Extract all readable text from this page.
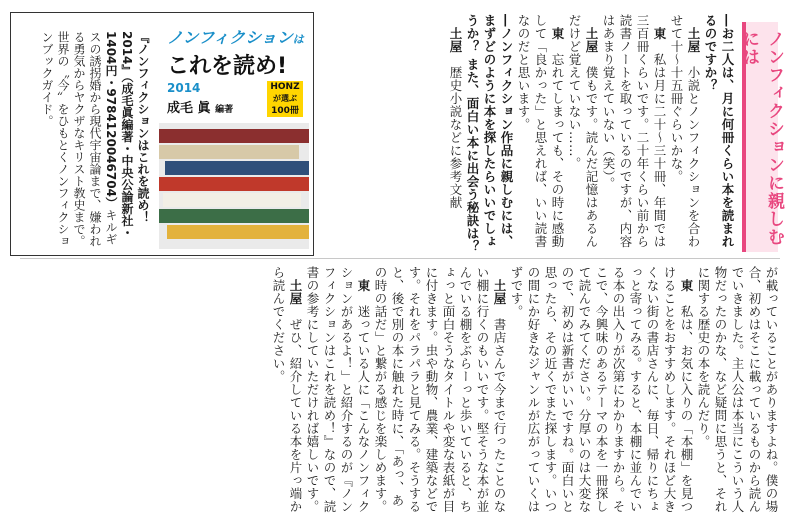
ノンフィクションに親しむには

―お二人は、月に何冊くらい本を読まれるのですか？

　土屋　小説とノンフィクションを合わせて十〜十五冊ぐらいかな。

　東　私は月に二十〜三十冊、年間では三百冊くらいです。二十年くらい前から読書ノートを取っているのですが、内容はあまり覚えていない（笑）。

　土屋　僕もです。読んだ記憶はあるんだけど覚えていない……。

　東　忘れてしまっても、その時に感動して「良かった」と思えれば、いい読書なのだと思います。

―ノンフィクション作品に親しむには、まずどのように本を探したらいいでしょうか？ また、面白い本に出会う秘訣は？

　土屋　歴史小説などに参考文献

『ノンフィクションはこれを読め！2014』（成毛眞編著・中央公論新社・1404円・9784120046704）キルギスの誘拐婚から現代宇宙論まで、嫌われる勇気からヤクザなキリスト教史まで。世界の〝今〟をひもとくノンフィクションブックガイド。	ノンフィクションは
これを読め!
2014
成毛 眞 編著
HONZ
が選ぶ
100冊

が載っていることがありますよね。僕の場合、初めはそこに載っているものから読んでいきました。主人公は本当にこういう人物だったのかな、など疑問に思うと、それに関する歴史の本を読んだり。

　東　私は、お気に入りの「本棚」を見つけることをおすすめします。それほど大きくない街の書店さんに、毎日、帰りにちょっと寄ってみる。すると、本棚に並んでいる本の出入りが次第にわかりますから。そこで、今興味のあるテーマの本を一冊探して読んでみてください。分厚いのは大変なので、初めは新書がいいですね。面白いと思ったら、その近くでまた探します。いつの間にか好きなジャンルが広がっていくはずです。

　土屋　書店さんで今まで行ったことのない棚に行くのもいいです。堅そうな本が並んでいる棚をぶらーっと歩いていると、ちょっと面白そうなタイトルや変な表紙が目に付きます。虫や動物、農業、建築などです。それをパラパラと見てみる。そうすると、後で別の本に触れた時に、「あっ、あの時の話だ」と繋がる感じを楽しめます。

　東　迷っている人に「こんなノンフィクションがあるよ！」と紹介するのが『ノンフィクションはこれを読め！』なので、読書の参考にしていただければ嬉しいです。

　土屋　ぜひ、紹介している本を片っ端から読んでください。
